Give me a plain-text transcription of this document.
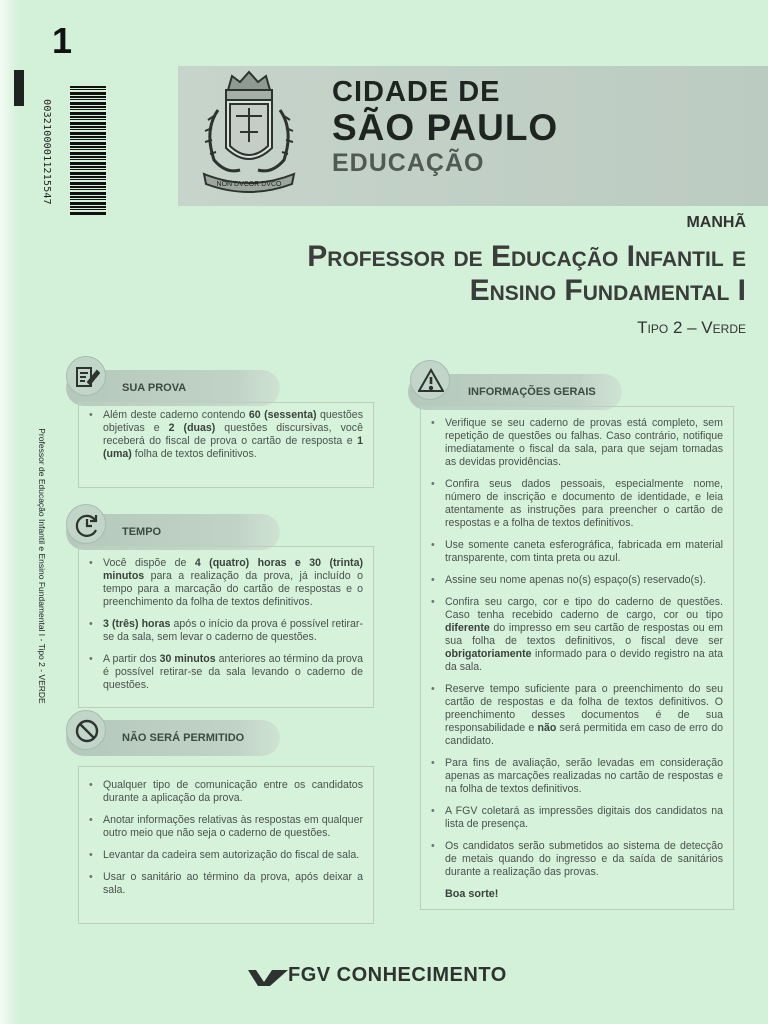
1
00321000011215547
Professor de Educação Infantil e Ensino Fundamental I - Tipo 2 - VERDE
NON DVCOR DVCO
CIDADE DE
SÃO PAULO
EDUCAÇÃO
MANHÃ
Professor de Educação Infantil e
Ensino Fundamental I
Tipo 2 – Verde
SUA PROVA
• Além deste caderno contendo 60 (sessenta) questões objetivas e 2 (duas) questões discursivas, você receberá do fiscal de prova o cartão de resposta e 1 (uma) folha de textos definitivos.
TEMPO
• Você dispõe de 4 (quatro) horas e 30 (trinta) minutos para a realização da prova, já incluído o tempo para a marcação do cartão de respostas e o preenchimento da folha de textos definitivos.
• 3 (três) horas após o início da prova é possível retirar-se da sala, sem levar o caderno de questões.
• A partir dos 30 minutos anteriores ao término da prova é possível retirar-se da sala levando o caderno de questões.
NÃO SERÁ PERMITIDO
• Qualquer tipo de comunicação entre os candidatos durante a aplicação da prova.
• Anotar informações relativas às respostas em qualquer outro meio que não seja o caderno de questões.
• Levantar da cadeira sem autorização do fiscal de sala.
• Usar o sanitário ao término da prova, após deixar a sala.
INFORMAÇÕES GERAIS
• Verifique se seu caderno de provas está completo, sem repetição de questões ou falhas. Caso contrário, notifique imediatamente o fiscal da sala, para que sejam tomadas as devidas providências.
• Confira seus dados pessoais, especialmente nome, número de inscrição e documento de identidade, e leia atentamente as instruções para preencher o cartão de respostas e a folha de textos definitivos.
• Use somente caneta esferográfica, fabricada em material transparente, com tinta preta ou azul.
• Assine seu nome apenas no(s) espaço(s) reservado(s).
• Confira seu cargo, cor e tipo do caderno de questões. Caso tenha recebido caderno de cargo, cor ou tipo diferente do impresso em seu cartão de respostas ou em sua folha de textos definitivos, o fiscal deve ser obrigatoriamente informado para o devido registro na ata da sala.
• Reserve tempo suficiente para o preenchimento do seu cartão de respostas e da folha de textos definitivos. O preenchimento desses documentos é de sua responsabilidade e não será permitida em caso de erro do candidato.
• Para fins de avaliação, serão levadas em consideração apenas as marcações realizadas no cartão de respostas e na folha de textos definitivos.
• A FGV coletará as impressões digitais dos candidatos na lista de presença.
• Os candidatos serão submetidos ao sistema de detecção de metais quando do ingresso e da saída de sanitários durante a realização das provas.
Boa sorte!
FGV CONHECIMENTO
